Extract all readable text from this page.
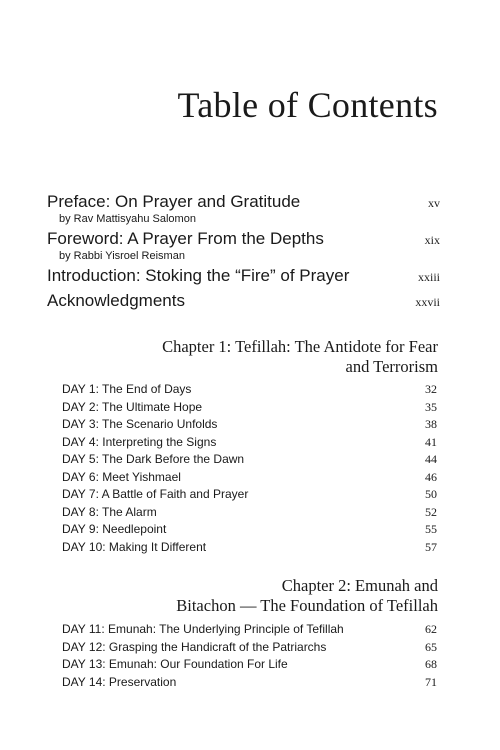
Table of Contents
Preface: On Prayer and Gratitude	xv
by Rav Mattisyahu Salomon
Foreword: A Prayer From the Depths	xix
by Rabbi Yisroel Reisman
Introduction: Stoking the “Fire” of Prayer	xxiii
Acknowledgments	xxvii
Chapter 1: Tefillah: The Antidote for Fear
and Terrorism
DAY 1: The End of Days	32
DAY 2: The Ultimate Hope	35
DAY 3: The Scenario Unfolds	38
DAY 4: Interpreting the Signs	41
DAY 5: The Dark Before the Dawn	44
DAY 6: Meet Yishmael	46
DAY 7: A Battle of Faith and Prayer	50
DAY 8: The Alarm	52
DAY 9: Needlepoint	55
DAY 10: Making It Different	57
Chapter 2: Emunah and
Bitachon — The Foundation of Tefillah
DAY 11: Emunah: The Underlying Principle of Tefillah	62
DAY 12: Grasping the Handicraft of the Patriarchs	65
DAY 13: Emunah: Our Foundation For Life	68
DAY 14: Preservation	71
